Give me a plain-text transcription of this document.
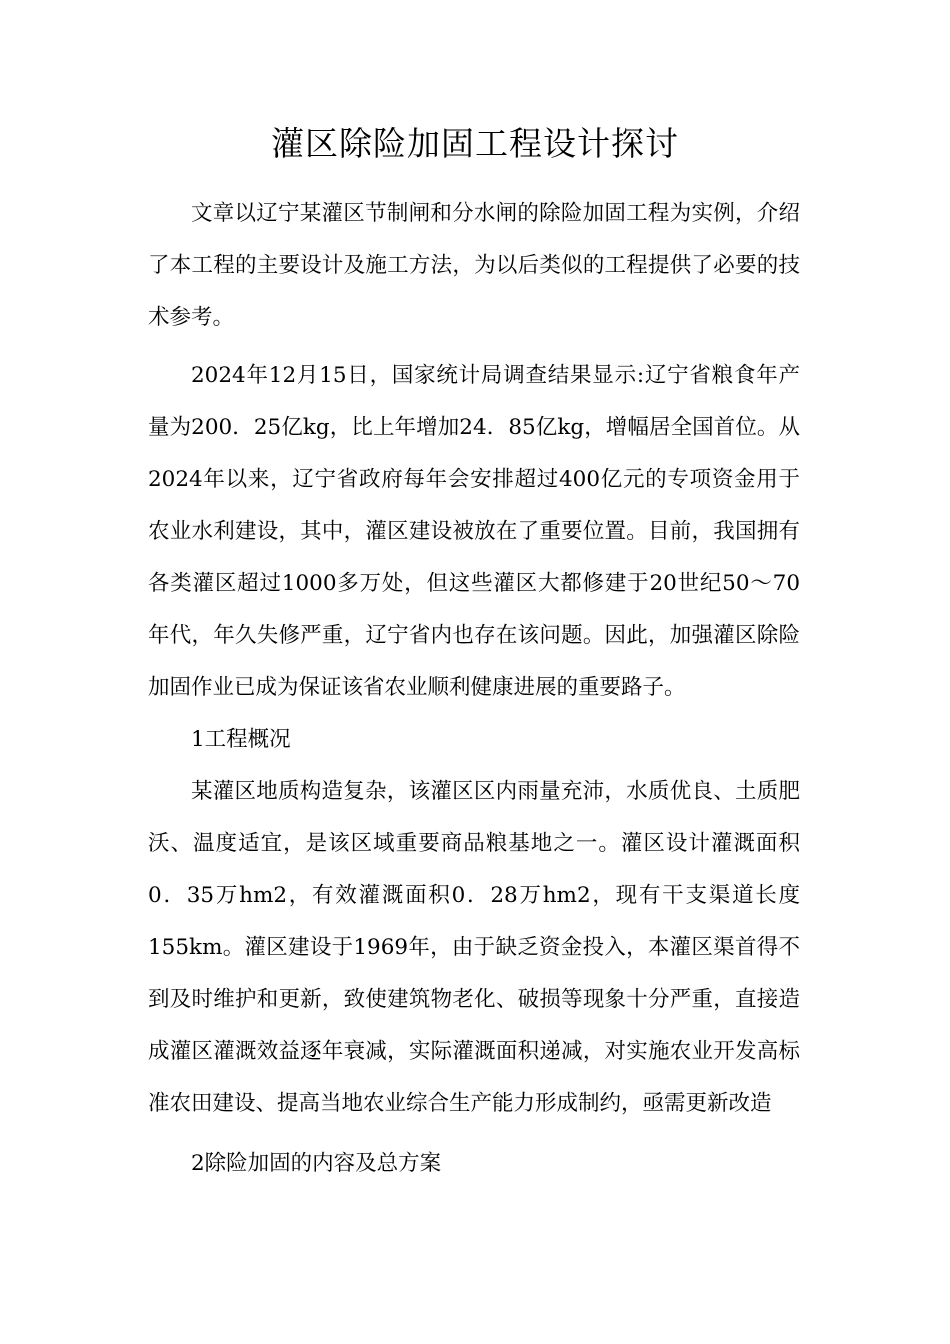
灌区除险加固工程设计探讨

文章以辽宁某灌区节制闸和分水闸的除险加固工程为实例，介绍了本工程的主要设计及施工方法，为以后类似的工程提供了必要的技术参考。

2024年12月15日，国家统计局调查结果显示:辽宁省粮食年产量为200．25亿kg，比上年增加24．85亿kg，增幅居全国首位。从2024年以来，辽宁省政府每年会安排超过400亿元的专项资金用于农业水利建设，其中，灌区建设被放在了重要位置。目前，我国拥有各类灌区超过1000多万处，但这些灌区大都修建于20世纪50～70年代，年久失修严重，辽宁省内也存在该问题。因此，加强灌区除险加固作业已成为保证该省农业顺利健康进展的重要路子。

1工程概况

某灌区地质构造复杂，该灌区区内雨量充沛，水质优良、土质肥沃、温度适宜，是该区域重要商品粮基地之一。灌区设计灌溉面积0．35万hm2，有效灌溉面积0．28万hm2，现有干支渠道长度155km。灌区建设于1969年，由于缺乏资金投入，本灌区渠首得不到及时维护和更新，致使建筑物老化、破损等现象十分严重，直接造成灌区灌溉效益逐年衰减，实际灌溉面积递减，对实施农业开发高标准农田建设、提高当地农业综合生产能力形成制约，亟需更新改造

2除险加固的内容及总方案
